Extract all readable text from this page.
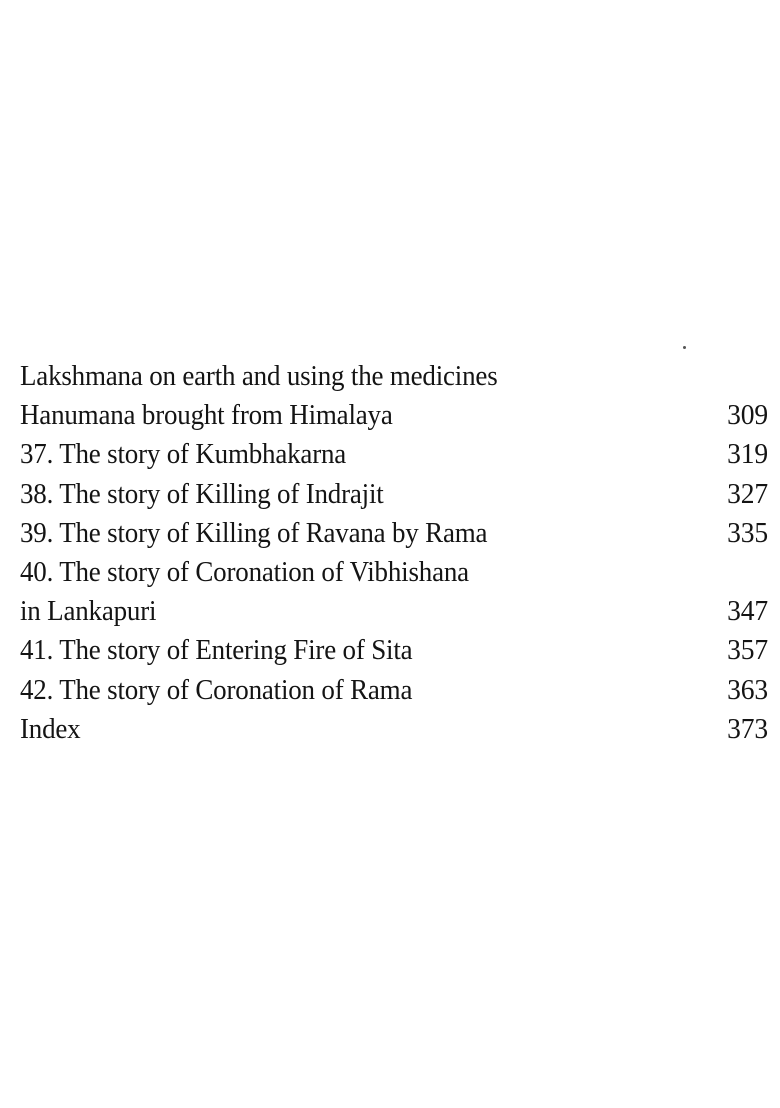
Lakshmana on earth and using the medicines
Hanumana brought from Himalaya	309
37. The story of Kumbhakarna	319
38. The story of Killing of Indrajit	327
39. The story of Killing of Ravana by Rama	335
40. The story of Coronation of Vibhishana
in Lankapuri	347
41. The story of Entering Fire of Sita	357
42. The story of Coronation of Rama	363
Index	373
